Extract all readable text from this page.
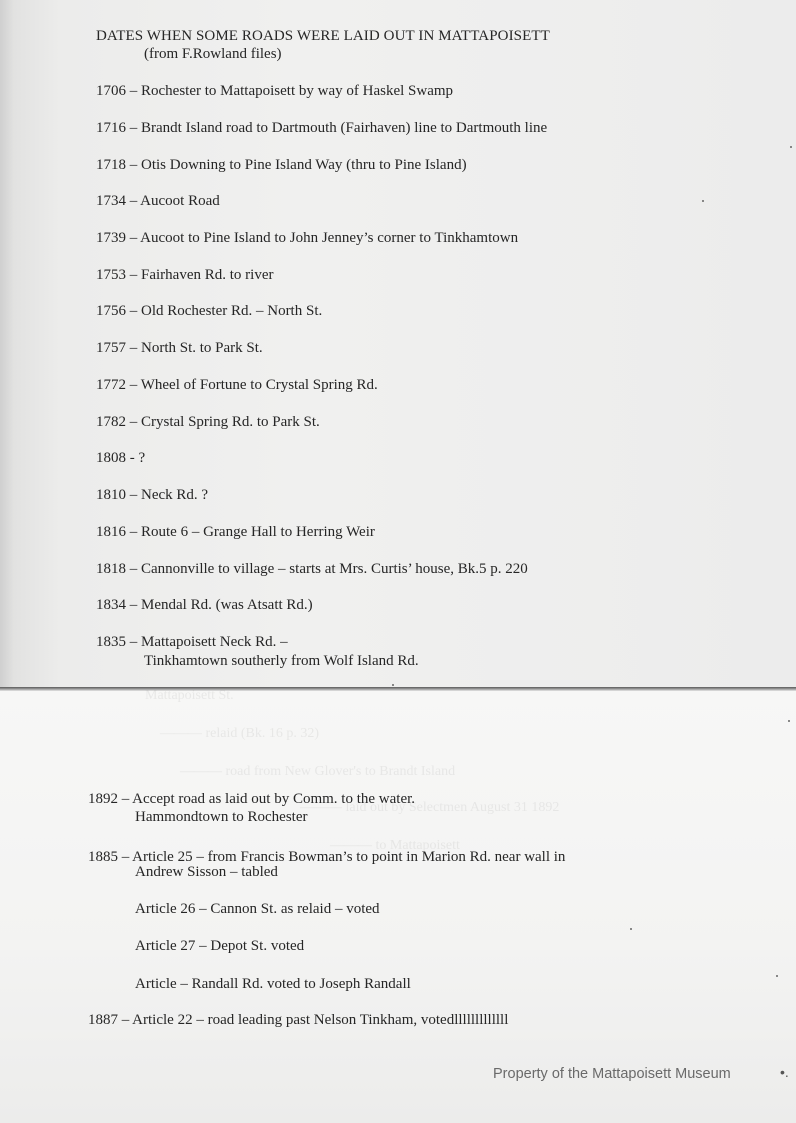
Mattapoisett St.
——— relaid (Bk. 16 p. 32)
——— road from New Glover's to Brandt Island
——— laid out by Selectmen August 31 1892
——— to Mattapoisett
DATES WHEN SOME ROADS WERE LAID OUT IN MATTAPOISETT
(from F.Rowland files)
1706 – Rochester to Mattapoisett by way of Haskel Swamp
1716 – Brandt Island road to Dartmouth (Fairhaven) line to Dartmouth line
1718 – Otis Downing to Pine Island Way (thru to Pine Island)
1734 – Aucoot Road
1739 – Aucoot to Pine Island to John Jenney’s corner to Tinkhamtown
1753 – Fairhaven Rd. to river
1756 – Old Rochester Rd. – North St.
1757 – North St. to Park St.
1772 – Wheel of Fortune to Crystal Spring Rd.
1782 – Crystal Spring Rd. to Park St.
1808 - ?
1810 – Neck Rd. ?
1816 – Route 6 – Grange Hall to Herring Weir
1818 – Cannonville to village – starts at Mrs. Curtis’ house, Bk.5 p. 220
1834 – Mendal Rd. (was Atsatt Rd.)
1835 – Mattapoisett Neck Rd. –
Tinkhamtown southerly from Wolf Island Rd.
1892 – Accept road as laid out by Comm. to the water.
Hammondtown to Rochester
1885 – Article 25 – from Francis Bowman’s to point in Marion Rd. near wall in
Andrew Sisson – tabled
Article 26 – Cannon St. as relaid – voted
Article 27 – Depot St. voted
Article – Randall Rd. voted to Joseph Randall
1887 – Article 22 – road leading past Nelson Tinkham, votedlllllllllllll
Property of the Mattapoisett Museum	•.
